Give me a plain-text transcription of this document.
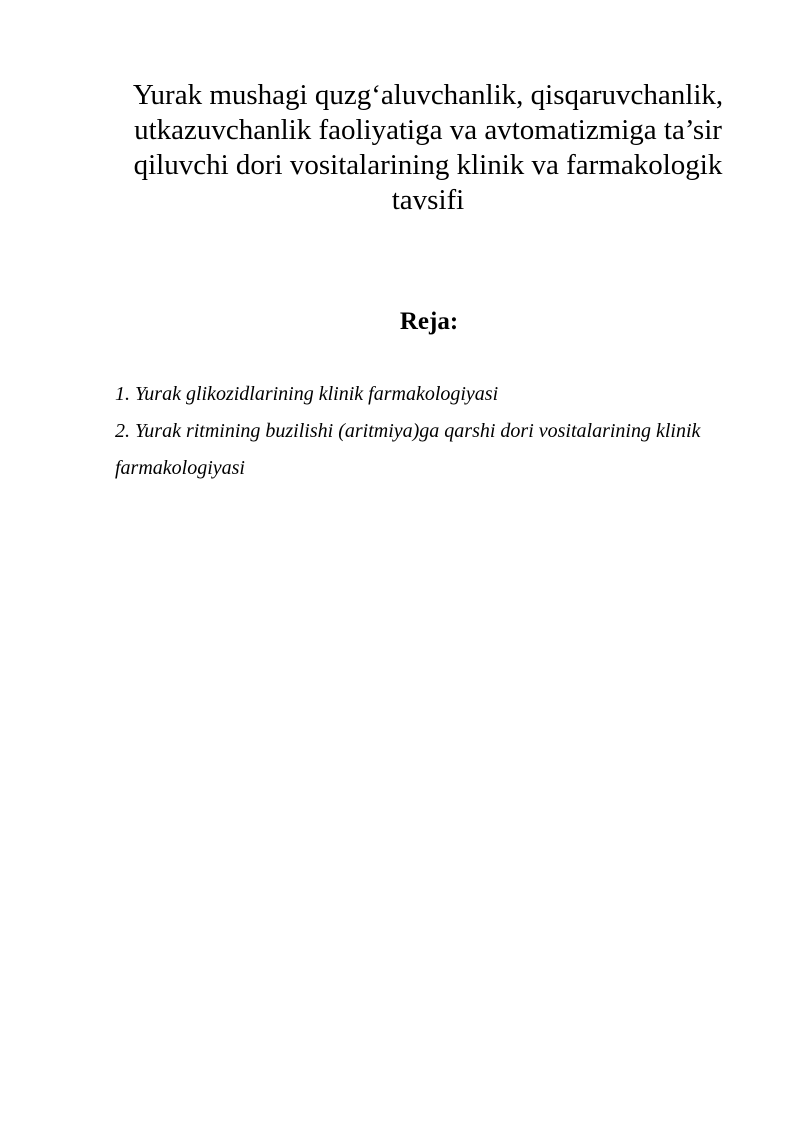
Yurak mushagi quzg‘aluvchanlik, qisqaruvchanlik,
utkazuvchanlik faoliyatiga va avtomatizmiga ta’sir
qiluvchi dori vositalarining klinik va farmakologik
tavsifi
Reja:
1. Yurak glikozidlarining klinik farmakologiyasi
2. Yurak ritmining buzilishi (aritmiya)ga qarshi dori vositalarining klinik farmakologiyasi
